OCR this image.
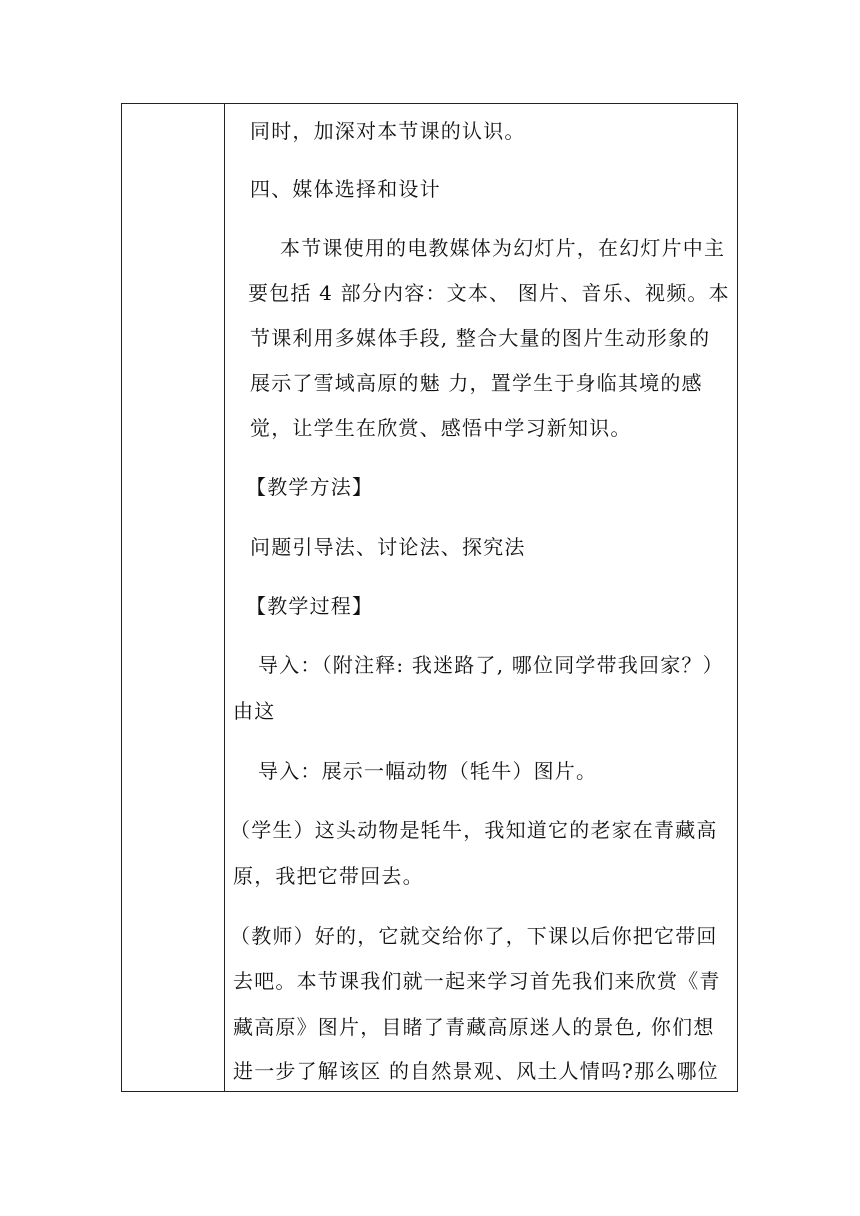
同时，加深对本节课的认识。
四、媒体选择和设计
本节课使用的电教媒体为幻灯片，在幻灯片中主
要包括 4 部分内容：文本、 图片、音乐、视频。本
节课利用多媒体手段, 整合大量的图片生动形象的
展示了雪域高原的魅 力，置学生于身临其境的感
觉，让学生在欣赏、感悟中学习新知识。
【教学方法】
问题引导法、讨论法、探究法
【教学过程】
导入：（附注释: 我迷路了, 哪位同学带我回家？）
由这
导入：展示一幅动物（牦牛）图片。
（学生）这头动物是牦牛，我知道它的老家在青藏高
原，我把它带回去。
（教师）好的，它就交给你了，下课以后你把它带回
去吧。本节课我们就一起来学习首先我们来欣赏《青
藏高原》图片，目睹了青藏高原迷人的景色, 你们想
进一步了解该区 的自然景观、风土人情吗?那么哪位
